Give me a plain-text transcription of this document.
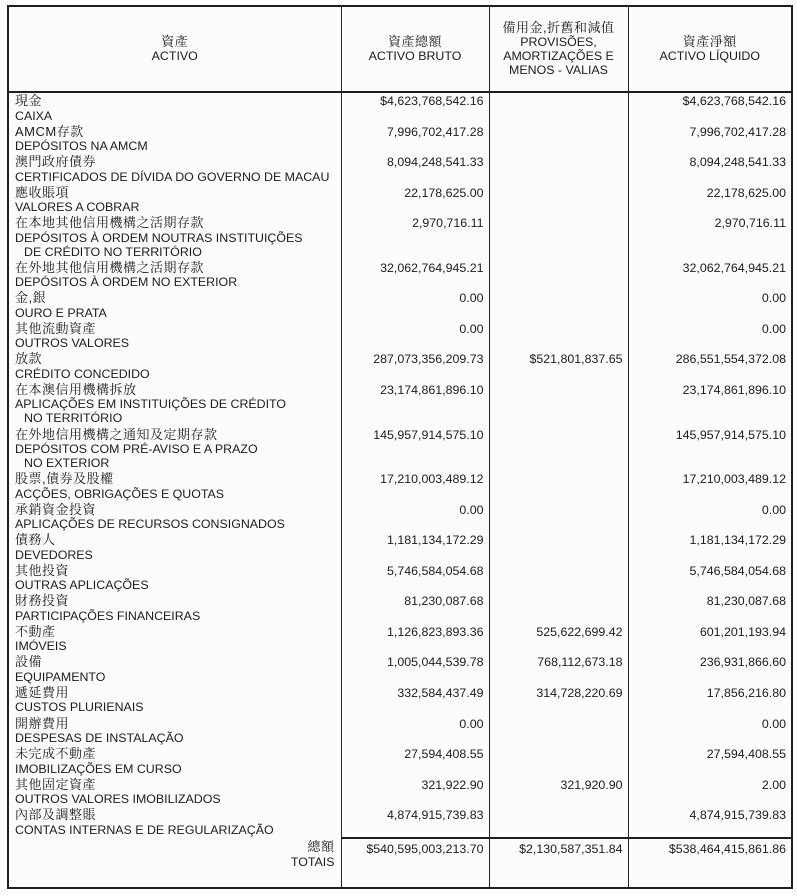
資產
ACTIVO

資產總額
ACTIVO BRUTO

備用金,折舊和減值
PROVISÕES,
AMORTIZAÇÕES E
MENOS - VALIAS

資產淨額
ACTIVO LÍQUIDO

現金
CAIXA	$4,623,768,542.16		$4,623,768,542.16

AMCM存款
DEPÓSITOS NA AMCM	7,996,702,417.28		7,996,702,417.28

澳門政府債券
CERTIFICADOS DE DÍVIDA DO GOVERNO DE MACAU	8,094,248,541.33		8,094,248,541.33

應收賬項
VALORES A COBRAR	22,178,625.00		22,178,625.00

在本地其他信用機構之活期存款
DEPÓSITOS À ORDEM NOUTRAS INSTITUIÇÕES
DE CRÉDITO NO TERRITÓRIO	2,970,716.11		2,970,716.11

在外地其他信用機構之活期存款
DEPÓSITOS À ORDEM NO EXTERIOR	32,062,764,945.21		32,062,764,945.21

金,銀
OURO E PRATA	0.00		0.00

其他流動資產
OUTROS VALORES	0.00		0.00

放款
CRÉDITO CONCEDIDO	287,073,356,209.73	$521,801,837.65	286,551,554,372.08

在本澳信用機構拆放
APLICAÇÕES EM INSTITUIÇÕES DE CRÉDITO
NO TERRITÓRIO	23,174,861,896.10		23,174,861,896.10

在外地信用機構之通知及定期存款
DEPÓSITOS COM PRÉ-AVISO E A PRAZO
NO EXTERIOR	145,957,914,575.10		145,957,914,575.10

股票,債券及股權
ACÇÕES, OBRIGAÇÕES E QUOTAS	17,210,003,489.12		17,210,003,489.12

承銷資金投資
APLICAÇÕES DE RECURSOS CONSIGNADOS	0.00		0.00

債務人
DEVEDORES	1,181,134,172.29		1,181,134,172.29

其他投資
OUTRAS APLICAÇÕES	5,746,584,054.68		5,746,584,054.68

財務投資
PARTICIPAÇÕES FINANCEIRAS	81,230,087.68		81,230,087.68

不動產
IMÓVEIS	1,126,823,893.36	525,622,699.42	601,201,193.94

設備
EQUIPAMENTO	1,005,044,539.78	768,112,673.18	236,931,866.60

遞延費用
CUSTOS PLURIENAIS	332,584,437.49	314,728,220.69	17,856,216.80

開辦費用
DESPESAS DE INSTALAÇÃO	0.00		0.00

未完成不動產
IMOBILIZAÇÕES EM CURSO	27,594,408.55		27,594,408.55

其他固定資產
OUTROS VALORES IMOBILIZADOS	321,922.90	321,920.90	2.00

內部及調整賬
CONTAS INTERNAS E DE REGULARIZAÇÃO	4,874,915,739.83		4,874,915,739.83

總額
TOTAIS	$540,595,003,213.70	$2,130,587,351.84	$538,464,415,861.86
